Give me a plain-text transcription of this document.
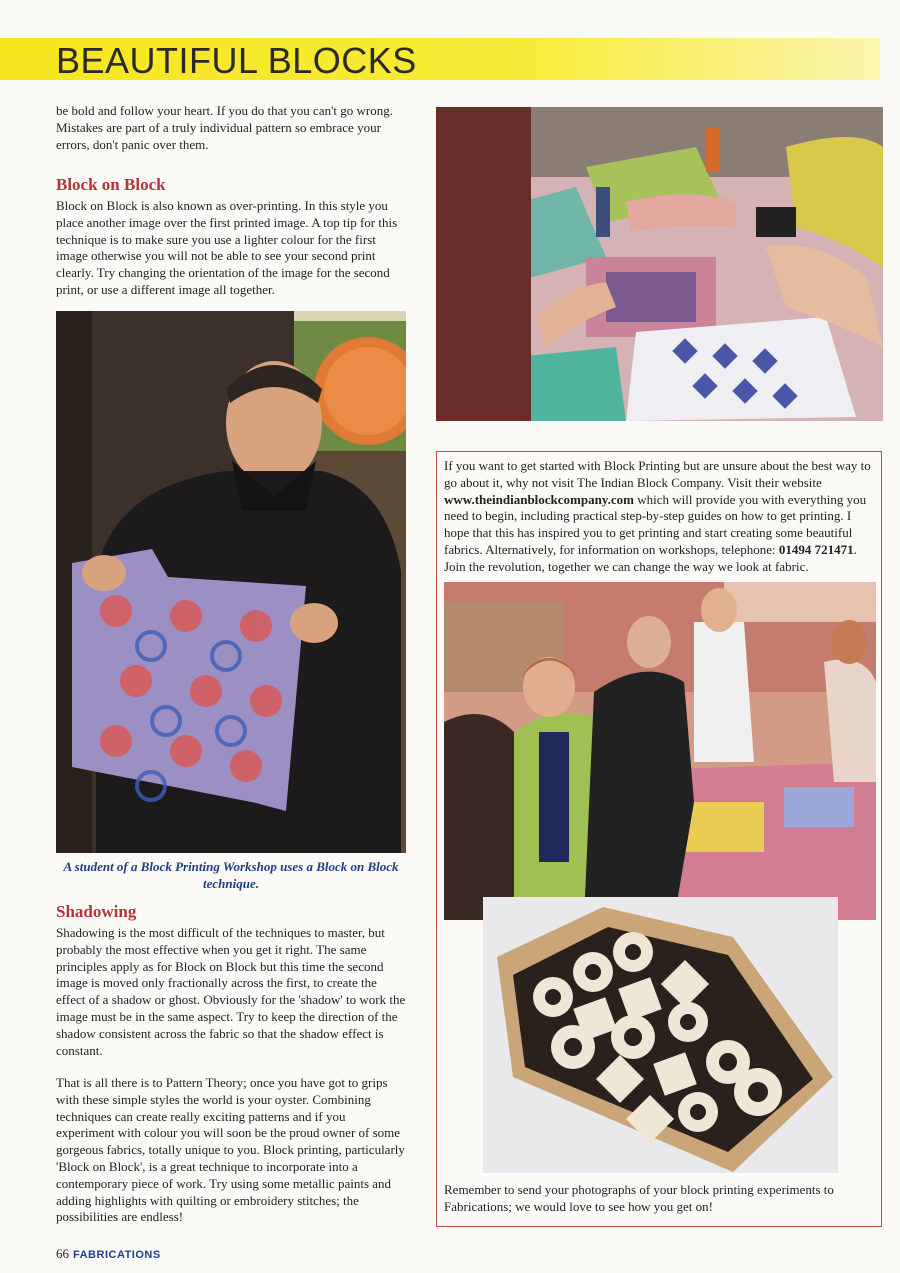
BEAUTIFUL BLOCKS

be bold and follow your heart. If you do that you can't go wrong. Mistakes are part of a truly individual pattern so embrace your errors, don't panic over them.

Block on Block

Block on Block is also known as over-printing. In this style you place another image over the first printed image. A top tip for this technique is to make sure you use a lighter colour for the first image otherwise you will not be able to see your second print clearly. Try changing the orientation of the image for the second print, or use a different image all together.

A student of a Block Printing Workshop uses a Block on Block technique.

Shadowing

Shadowing is the most difficult of the techniques to master, but probably the most effective when you get it right. The same principles apply as for Block on Block but this time the second image is moved only fractionally across the first, to create the effect of a shadow or ghost. Obviously for the 'shadow' to work the image must be in the same aspect. Try to keep the direction of the shadow consistent across the fabric so that the shadow effect is constant.

That is all there is to Pattern Theory; once you have got to grips with these simple styles the world is your oyster. Combining techniques can create really exciting patterns and if you experiment with colour you will soon be the proud owner of some gorgeous fabrics, totally unique to you. Block printing, particularly 'Block on Block', is a great technique to incorporate into a contemporary piece of work. Try using some metallic paints and adding highlights with quilting or embroidery stitches; the possibilities are endless!

If you want to get started with Block Printing but are unsure about the best way to go about it, why not visit The Indian Block Company. Visit their website www.theindianblockcompany.com which will provide you with everything you need to begin, including practical step-by-step guides on how to get printing. I hope that this has inspired you to get printing and start creating some beautiful fabrics. Alternatively, for information on workshops, telephone: 01494 721471. Join the revolution, together we can change the way we look at fabric.

Remember to send your photographs of your block printing experiments to Fabrications; we would love to see how you get on!

66 FABRICATIONS
